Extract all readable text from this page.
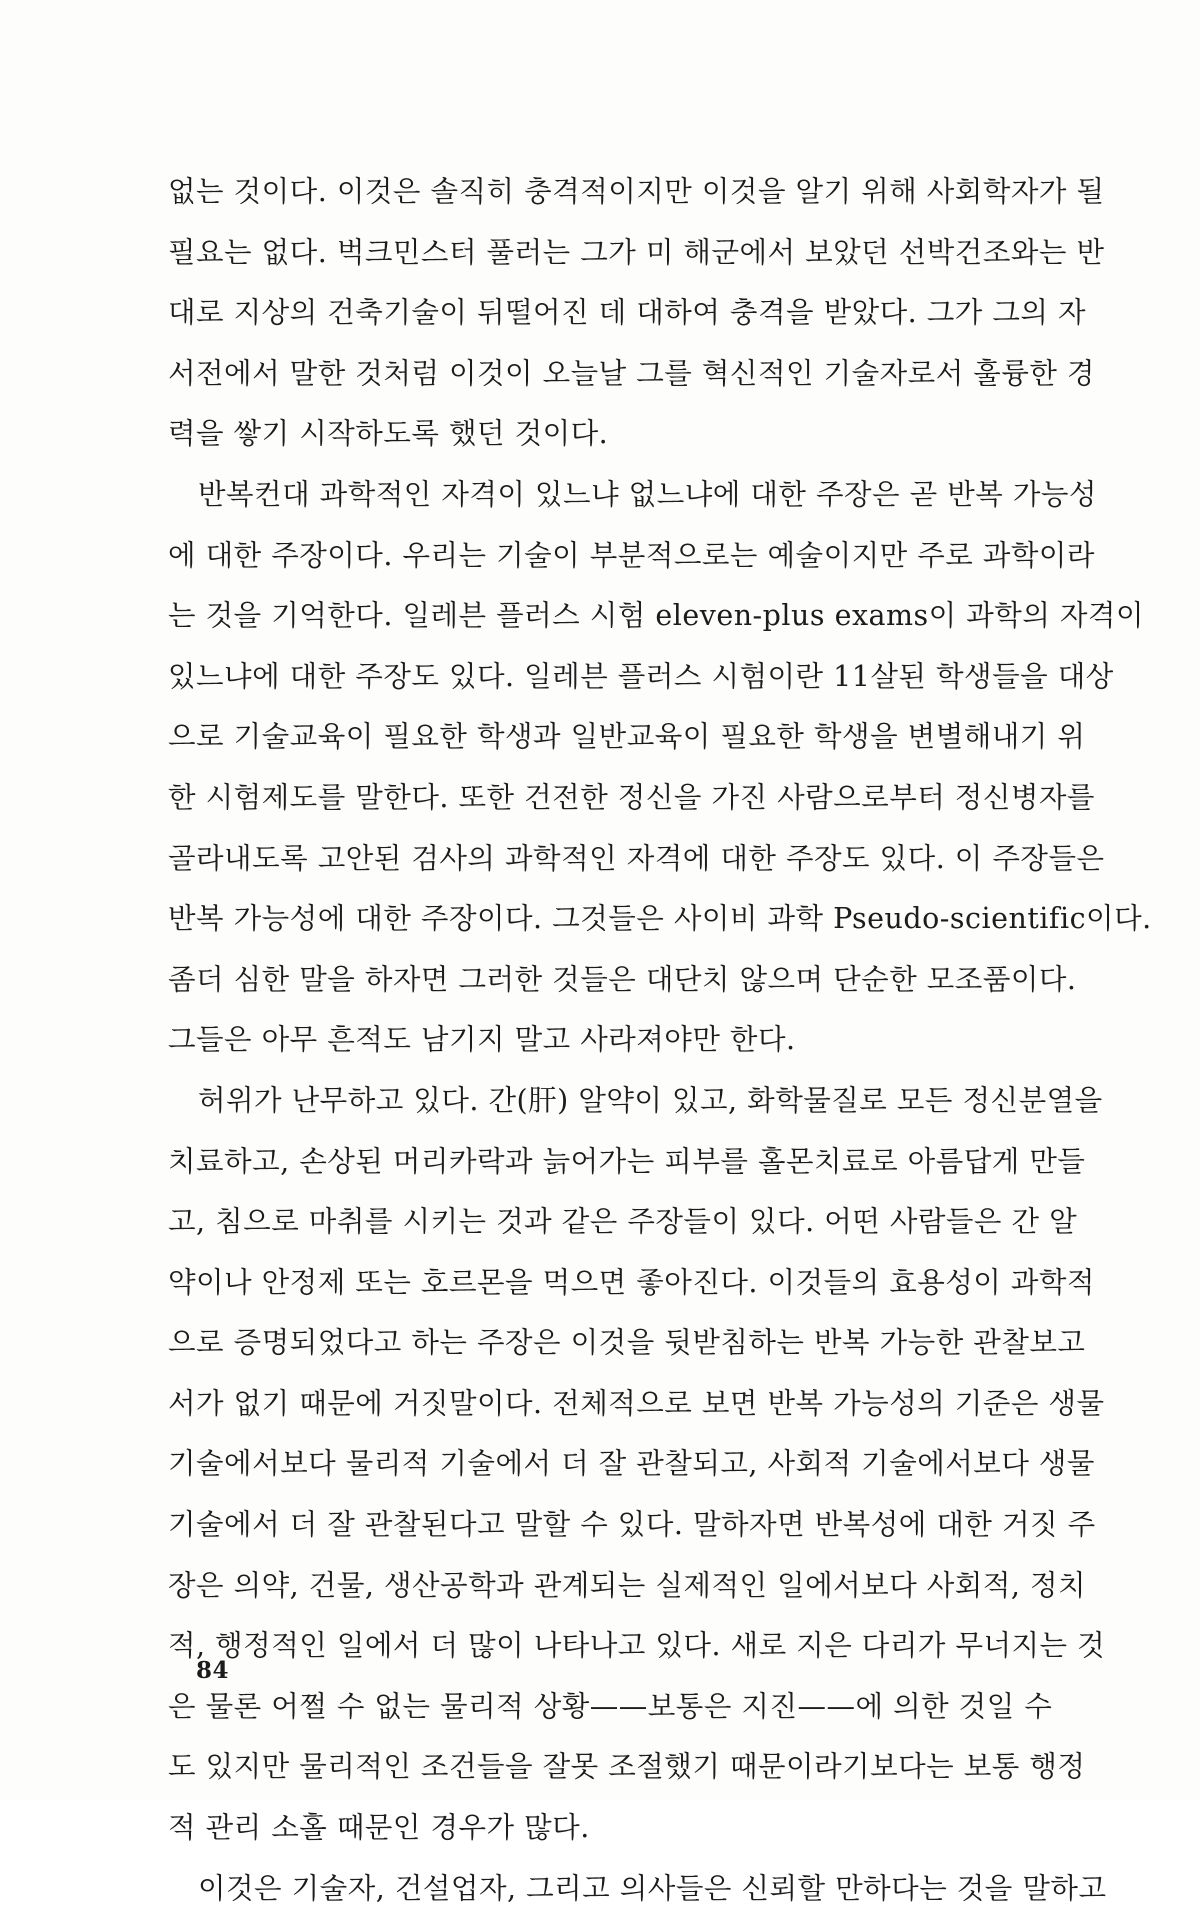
없는 것이다. 이것은 솔직히 충격적이지만 이것을 알기 위해 사회학자가 될
필요는 없다. 벅크민스터 풀러는 그가 미 해군에서 보았던 선박건조와는 반
대로 지상의 건축기술이 뒤떨어진 데 대하여 충격을 받았다. 그가 그의 자
서전에서 말한 것처럼 이것이 오늘날 그를 혁신적인 기술자로서 훌륭한 경
력을 쌓기 시작하도록 했던 것이다.
반복컨대 과학적인 자격이 있느냐 없느냐에 대한 주장은 곧 반복 가능성
에 대한 주장이다. 우리는 기술이 부분적으로는 예술이지만 주로 과학이라
는 것을 기억한다. 일레븐 플러스 시험 eleven-plus exams이 과학의 자격이
있느냐에 대한 주장도 있다. 일레븐 플러스 시험이란 11살된 학생들을 대상
으로 기술교육이 필요한 학생과 일반교육이 필요한 학생을 변별해내기 위
한 시험제도를 말한다. 또한 건전한 정신을 가진 사람으로부터 정신병자를
골라내도록 고안된 검사의 과학적인 자격에 대한 주장도 있다. 이 주장들은
반복 가능성에 대한 주장이다. 그것들은 사이비 과학 Pseudo-scientific이다.
좀더 심한 말을 하자면 그러한 것들은 대단치 않으며 단순한 모조품이다.
그들은 아무 흔적도 남기지 말고 사라져야만 한다.
허위가 난무하고 있다. 간(肝) 알약이 있고, 화학물질로 모든 정신분열을
치료하고, 손상된 머리카락과 늙어가는 피부를 홀몬치료로 아름답게 만들
고, 침으로 마취를 시키는 것과 같은 주장들이 있다. 어떤 사람들은 간 알
약이나 안정제 또는 호르몬을 먹으면 좋아진다. 이것들의 효용성이 과학적
으로 증명되었다고 하는 주장은 이것을 뒷받침하는 반복 가능한 관찰보고
서가 없기 때문에 거짓말이다. 전체적으로 보면 반복 가능성의 기준은 생물
기술에서보다 물리적 기술에서 더 잘 관찰되고, 사회적 기술에서보다 생물
기술에서 더 잘 관찰된다고 말할 수 있다. 말하자면 반복성에 대한 거짓 주
장은 의약, 건물, 생산공학과 관계되는 실제적인 일에서보다 사회적, 정치
적, 행정적인 일에서 더 많이 나타나고 있다. 새로 지은 다리가 무너지는 것
은 물론 어쩔 수 없는 물리적 상황——보통은 지진——에 의한 것일 수
도 있지만 물리적인 조건들을 잘못 조절했기 때문이라기보다는 보통 행정
적 관리 소홀 때문인 경우가 많다.
이것은 기술자, 건설업자, 그리고 의사들은 신뢰할 만하다는 것을 말하고
84
